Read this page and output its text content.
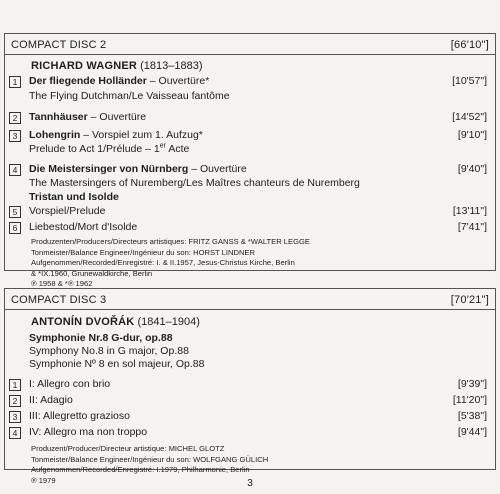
COMPACT DISC 2	[66'10"]
RICHARD WAGNER (1813–1883)
1	Der fliegende Holländer – Ouvertüre*	[10'57"]
The Flying Dutchman/Le Vaisseau fantôme
2	Tannhäuser – Ouvertüre	[14'52"]
3	Lohengrin – Vorspiel zum 1. Aufzug*	[9'10"]
Prelude to Act 1/Prélude – 1er Acte
4	Die Meistersinger von Nürnberg – Ouvertüre	[9'40"]
The Mastersingers of Nuremberg/Les Maîtres chanteurs de Nuremberg
Tristan und Isolde
5	Vorspiel/Prelude	[13'11"]
6	Liebestod/Mort d'Isolde	[7'41"]
Produzenten/Producers/Directeurs artistiques: FRITZ GANSS & *WALTER LEGGE
Tonmeister/Balance Engineer/Ingénieur du son: HORST LINDNER
Aufgenommen/Recorded/Enregistré: I. & II.1957, Jesus-Christus Kirche, Berlin
& *IX.1960, Grunewaldkirche, Berlin
℗ 1958 & *℗ 1962
COMPACT DISC 3	[70'21"]
ANTONÍN DVOŘÁK (1841–1904)
Symphonie Nr.8 G-dur, op.88
Symphony No.8 in G major, Op.88
Symphonie Nº 8 en sol majeur, Op.88
1	I: Allegro con brio	[9'39"]
2	II: Adagio	[11'20"]
3	III: Allegretto grazioso	[5'38"]
4	IV: Allegro ma non troppo	[9'44"]
Produzent/Producer/Directeur artistique: MICHEL GLOTZ
Tonmeister/Balance Engineer/Ingénieur du son: WOLFGANG GÜLICH
Aufgenommen/Recorded/Enregistré: I.1979, Philharmonie, Berlin
℗ 1979	3
